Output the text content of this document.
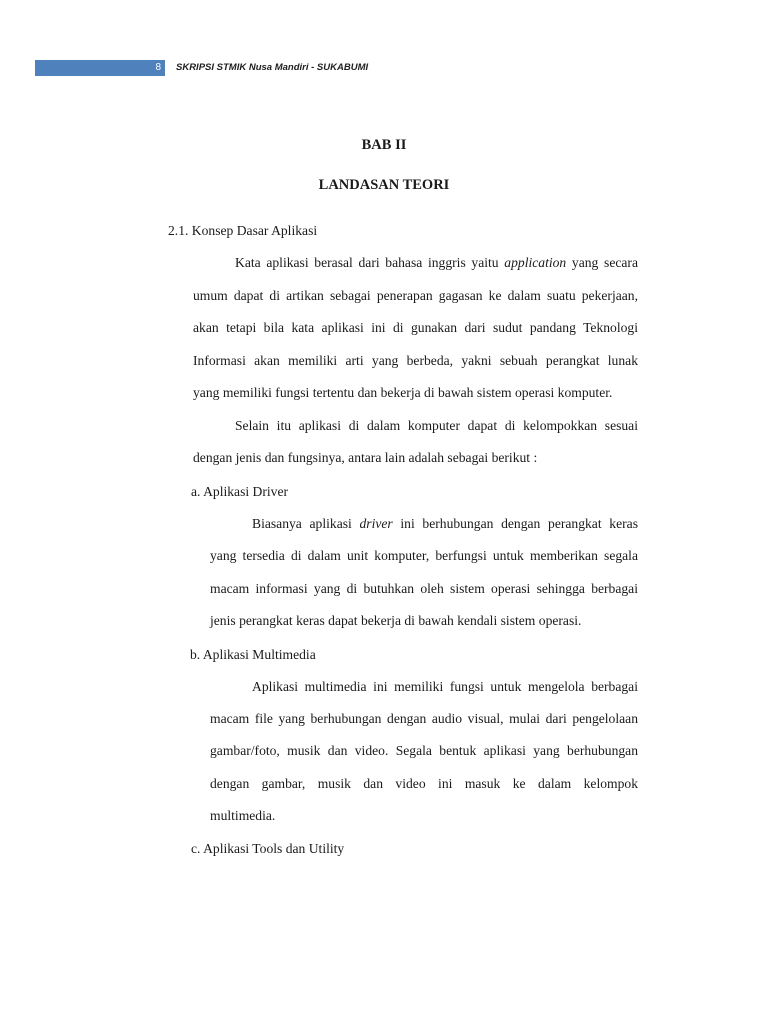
8 SKRIPSI STMIK Nusa Mandiri - SUKABUMI
BAB II
LANDASAN TEORI
2.1. Konsep Dasar Aplikasi
Kata aplikasi berasal dari bahasa inggris yaitu application yang secara
umum dapat di artikan sebagai penerapan gagasan ke dalam suatu pekerjaan,
akan tetapi bila kata aplikasi ini di gunakan dari sudut pandang Teknologi
Informasi akan memiliki arti yang berbeda, yakni sebuah perangkat lunak
yang memiliki fungsi tertentu dan bekerja di bawah sistem operasi komputer.
Selain itu aplikasi di dalam komputer dapat di kelompokkan sesuai
dengan jenis dan fungsinya, antara lain adalah sebagai berikut :
a. Aplikasi Driver
Biasanya aplikasi driver ini berhubungan dengan perangkat keras
yang tersedia di dalam unit komputer, berfungsi untuk memberikan segala
macam informasi yang di butuhkan oleh sistem operasi sehingga berbagai
jenis perangkat keras dapat bekerja di bawah kendali sistem operasi.
b. Aplikasi Multimedia
Aplikasi multimedia ini memiliki fungsi untuk mengelola berbagai
macam file yang berhubungan dengan audio visual, mulai dari pengelolaan
gambar/foto, musik dan video. Segala bentuk aplikasi yang berhubungan
dengan gambar, musik dan video ini masuk ke dalam kelompok
multimedia.
c. Aplikasi Tools dan Utility
